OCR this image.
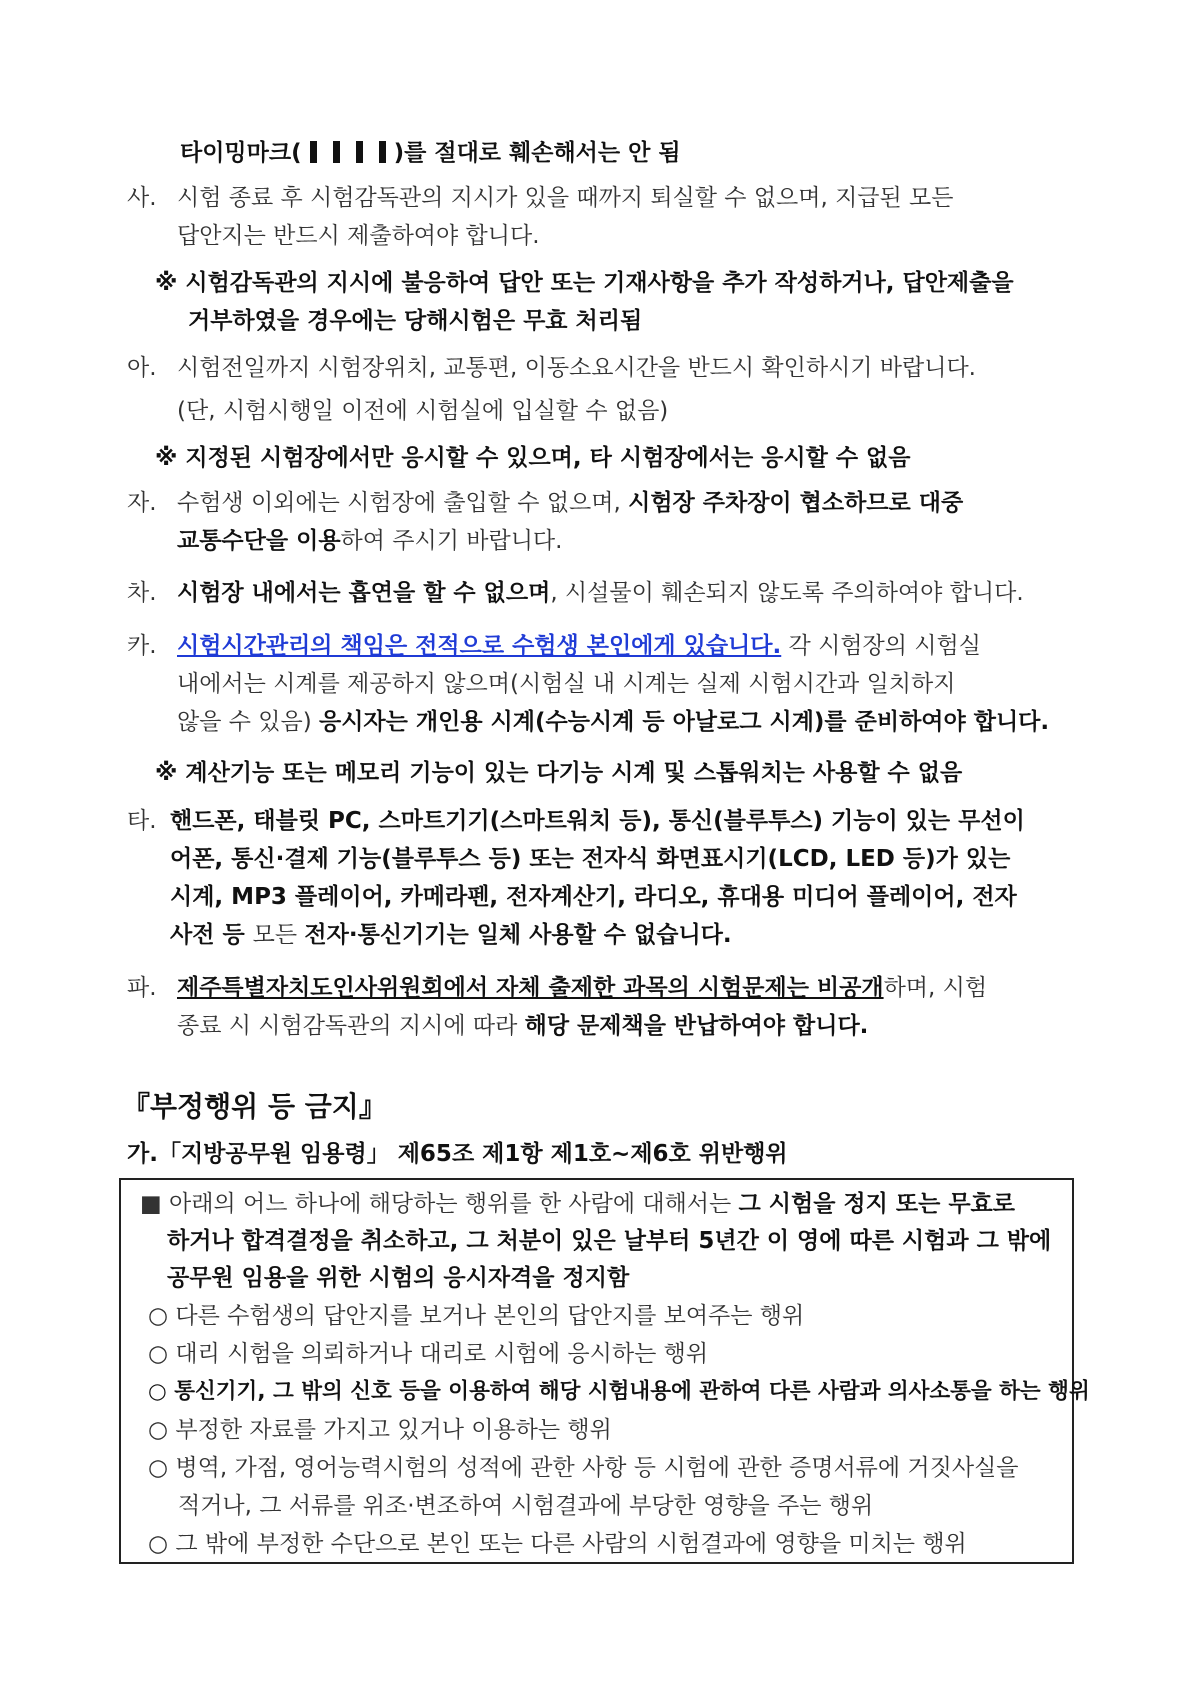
타이밍마크(	)를 절대로 훼손해서는 안 됨
사. 시험 종료 후 시험감독관의 지시가 있을 때까지 퇴실할 수 없으며, 지급된 모든
답안지는 반드시 제출하여야 합니다.
※ 시험감독관의 지시에 불응하여 답안 또는 기재사항을 추가 작성하거나, 답안제출을
거부하였을 경우에는 당해시험은 무효 처리됨
아. 시험전일까지 시험장위치, 교통편, 이동소요시간을 반드시 확인하시기 바랍니다.
(단, 시험시행일 이전에 시험실에 입실할 수 없음)
※ 지정된 시험장에서만 응시할 수 있으며, 타 시험장에서는 응시할 수 없음
자. 수험생 이외에는 시험장에 출입할 수 없으며, 시험장 주차장이 협소하므로 대중
교통수단을 이용하여 주시기 바랍니다.
차. 시험장 내에서는 흡연을 할 수 없으며, 시설물이 훼손되지 않도록 주의하여야 합니다.
카. 시험시간관리의 책임은 전적으로 수험생 본인에게 있습니다. 각 시험장의 시험실
내에서는 시계를 제공하지 않으며(시험실 내 시계는 실제 시험시간과 일치하지
않을 수 있음) 응시자는 개인용 시계(수능시계 등 아날로그 시계)를 준비하여야 합니다.
※ 계산기능 또는 메모리 기능이 있는 다기능 시계 및 스톱워치는 사용할 수 없음
타. 핸드폰, 태블릿 PC, 스마트기기(스마트워치 등), 통신(블루투스) 기능이 있는 무선이
어폰, 통신·결제 기능(블루투스 등) 또는 전자식 화면표시기(LCD, LED 등)가 있는
시계, MP3 플레이어, 카메라펜, 전자계산기, 라디오, 휴대용 미디어 플레이어, 전자
사전 등 모든 전자·통신기기는 일체 사용할 수 없습니다.
파. 제주특별자치도인사위원회에서 자체 출제한 과목의 시험문제는 비공개하며, 시험
종료 시 시험감독관의 지시에 따라 해당 문제책을 반납하여야 합니다.
『부정행위 등 금지』
가.「지방공무원 임용령」 제65조 제1항 제1호~제6호 위반행위
■ 아래의 어느 하나에 해당하는 행위를 한 사람에 대해서는 그 시험을 정지 또는 무효로
하거나 합격결정을 취소하고, 그 처분이 있은 날부터 5년간 이 영에 따른 시험과 그 밖에
공무원 임용을 위한 시험의 응시자격을 정지함
○ 다른 수험생의 답안지를 보거나 본인의 답안지를 보여주는 행위
○ 대리 시험을 의뢰하거나 대리로 시험에 응시하는 행위
○ 통신기기, 그 밖의 신호 등을 이용하여 해당 시험내용에 관하여 다른 사람과 의사소통을 하는 행위
○ 부정한 자료를 가지고 있거나 이용하는 행위
○ 병역, 가점, 영어능력시험의 성적에 관한 사항 등 시험에 관한 증명서류에 거짓사실을
적거나, 그 서류를 위조·변조하여 시험결과에 부당한 영향을 주는 행위
○ 그 밖에 부정한 수단으로 본인 또는 다른 사람의 시험결과에 영향을 미치는 행위
